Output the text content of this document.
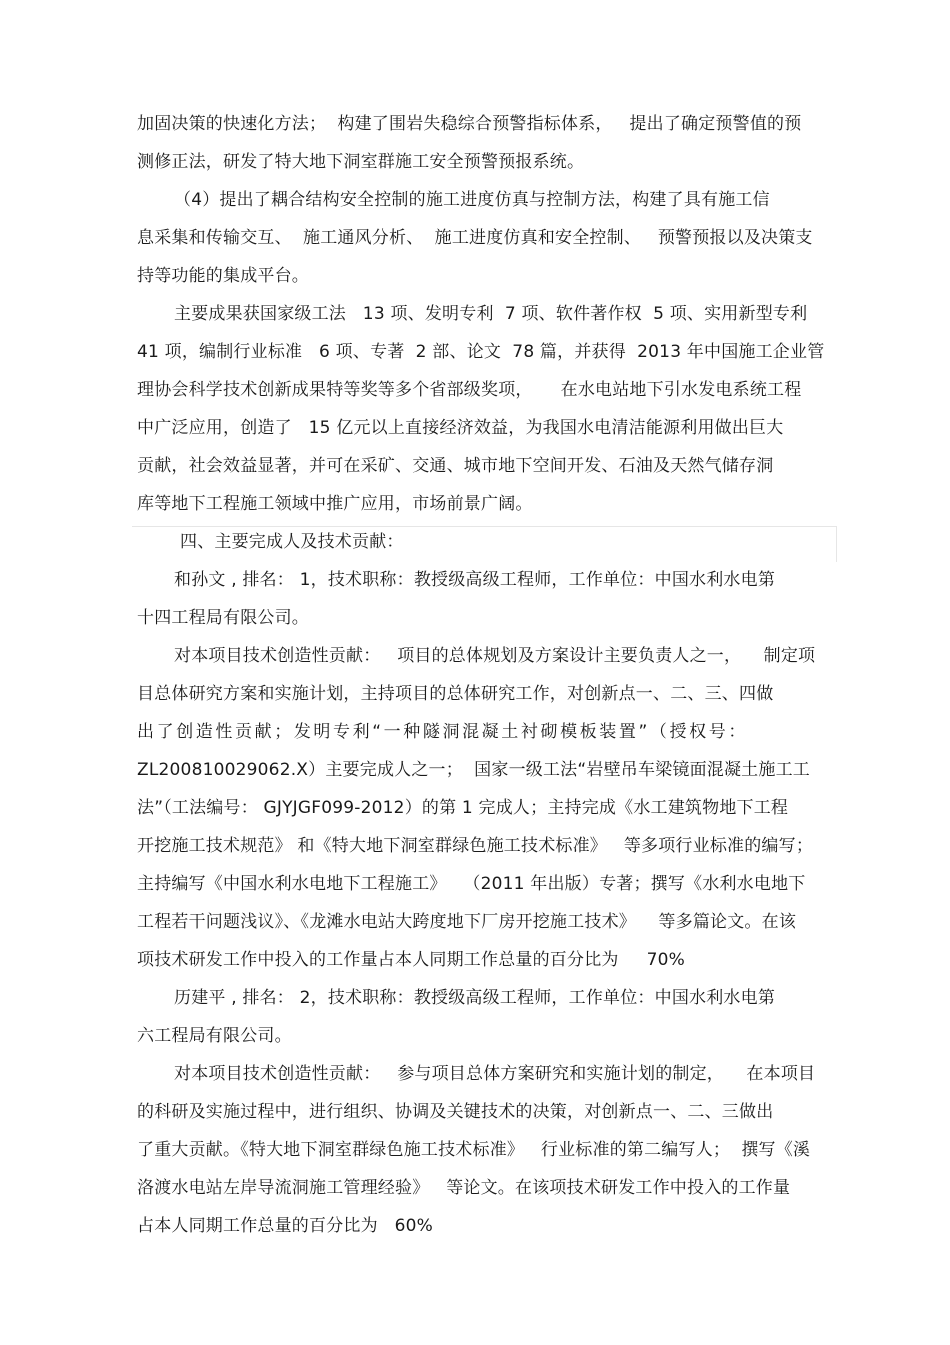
加固决策的快速化方法；  构建了围岩失稳综合预警指标体系，   提出了确定预警值的预
测修正法，研发了特大地下洞室群施工安全预警预报系统。
（4）提出了耦合结构安全控制的施工进度仿真与控制方法，构建了具有施工信
息采集和传输交互、  施工通风分析、  施工进度仿真和安全控制、   预警预报以及决策支
持等功能的集成平台。
主要成果获国家级工法   13 项、发明专利  7 项、软件著作权  5 项、实用新型专利
41 项，编制行业标准   6 项、专著  2 部、论文  78 篇，并获得  2013 年中国施工企业管
理协会科学技术创新成果特等奖等多个省部级奖项，     在水电站地下引水发电系统工程
中广泛应用，创造了   15 亿元以上直接经济效益，为我国水电清洁能源利用做出巨大
贡献，社会效益显著，并可在采矿、交通、城市地下空间开发、石油及天然气储存洞
库等地下工程施工领域中推广应用，市场前景广阔。
四、主要完成人及技术贡献：
和孙文 , 排名： 1，技术职称：教授级高级工程师，工作单位：中国水利水电第
十四工程局有限公司。
对本项目技术创造性贡献：   项目的总体规划及方案设计主要负责人之一，    制定项
目总体研究方案和实施计划，主持项目的总体研究工作，对创新点一、二、三、四做
出 了 创 造 性 贡 献 ； 发 明 专 利 “ 一 种 隧 洞 混 凝 土 衬 砌 模 板 装 置 ” （ 授 权 号 ：
ZL200810029062.X）主要完成人之一；  国家一级工法“岩壁吊车梁镜面混凝土施工工
法”（工法编号： GJYJGF099-2012）的第 1 完成人；主持完成《水工建筑物地下工程
开挖施工技术规范》 和《特大地下洞室群绿色施工技术标准》   等多项行业标准的编写；
主持编写《中国水利水电地下工程施工》   （2011 年出版）专著；撰写《水利水电地下
工程若干问题浅议》、《龙滩水电站大跨度地下厂房开挖施工技术》    等多篇论文。在该
项技术研发工作中投入的工作量占本人同期工作总量的百分比为     70%
历建平 , 排名： 2，技术职称：教授级高级工程师，工作单位：中国水利水电第
六工程局有限公司。
对本项目技术创造性贡献：   参与项目总体方案研究和实施计划的制定，    在本项目
的科研及实施过程中，进行组织、协调及关键技术的决策，对创新点一、二、三做出
了重大贡献。《特大地下洞室群绿色施工技术标准》   行业标准的第二编写人；  撰写《溪
洛渡水电站左岸导流洞施工管理经验》   等论文。在该项技术研发工作中投入的工作量
占本人同期工作总量的百分比为   60%
